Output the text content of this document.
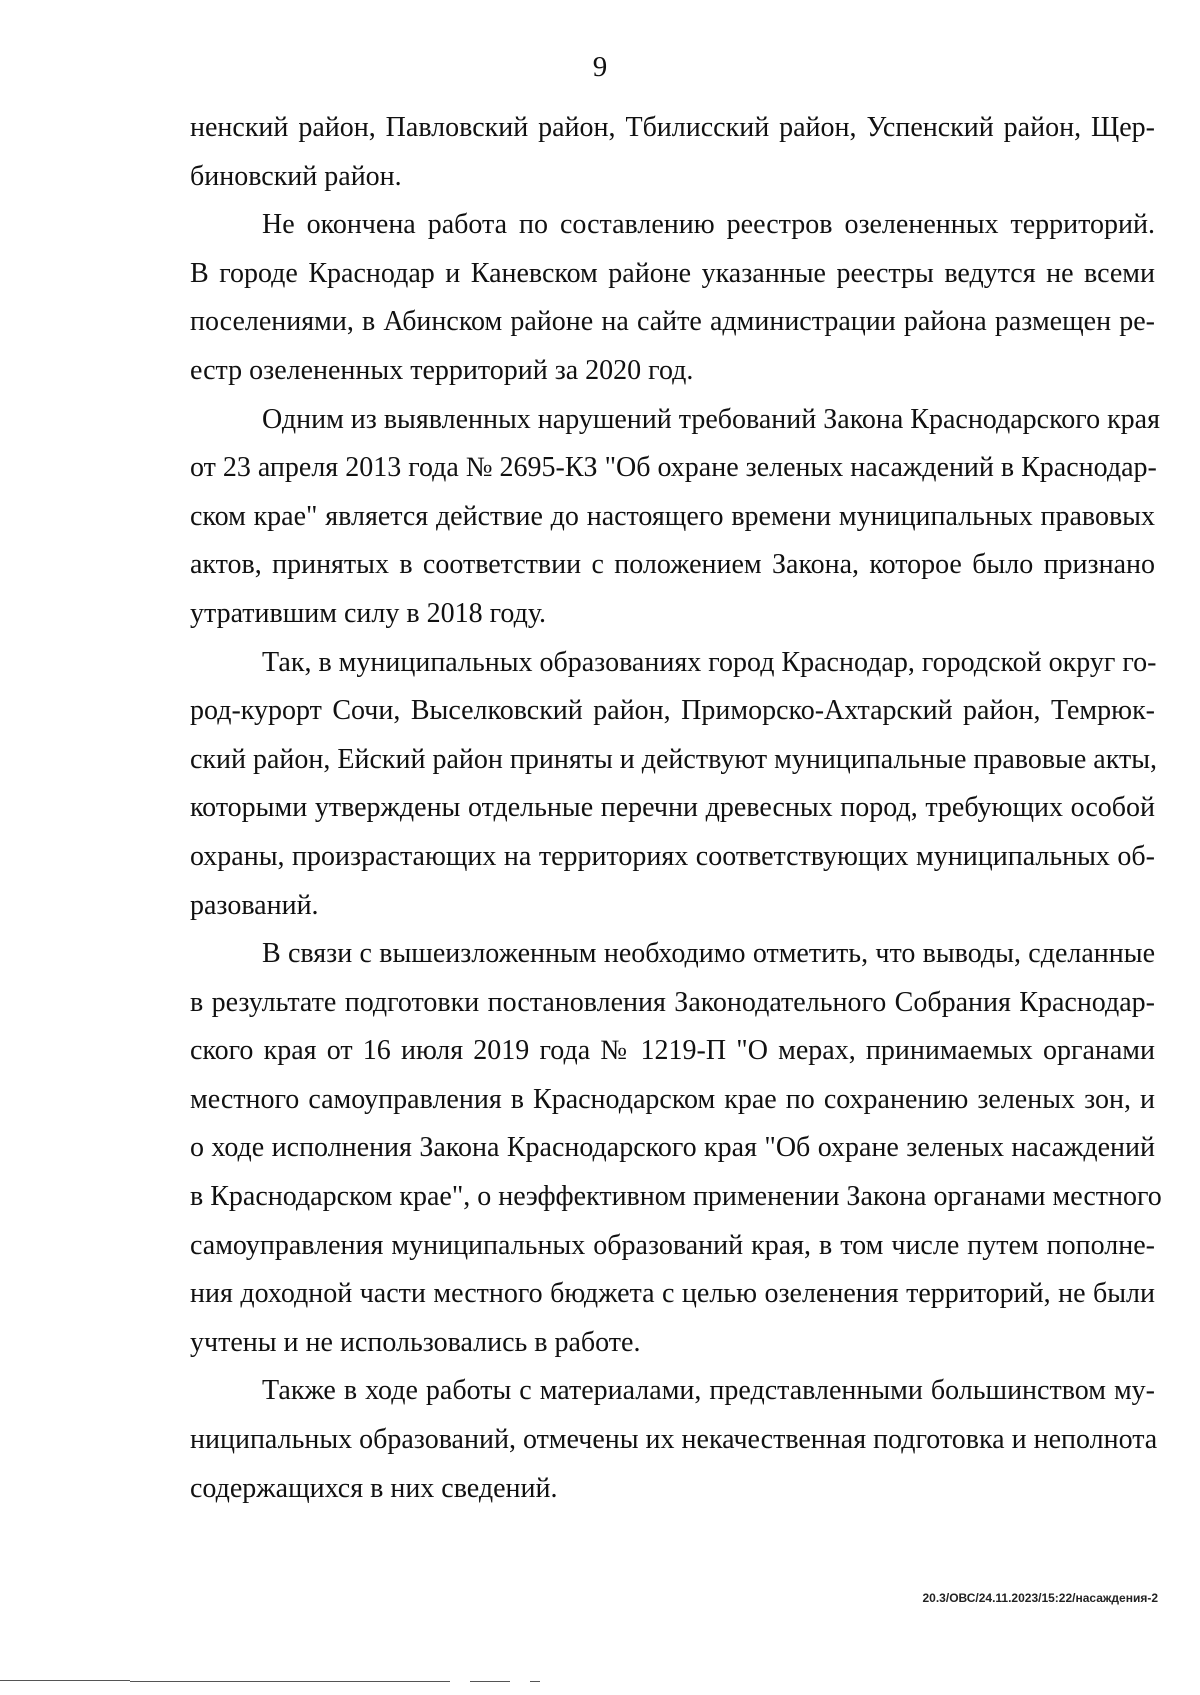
9
ненский район, Павловский район, Тбилисский район, Успенский район, Щер-
биновский район.
Не окончена работа по составлению реестров озелененных территорий.
В городе Краснодар и Каневском районе указанные реестры ведутся не всеми
поселениями, в Абинском районе на сайте администрации района размещен ре-
естр озелененных территорий за 2020 год.
Одним из выявленных нарушений требований Закона Краснодарского края
от 23 апреля 2013 года № 2695-КЗ "Об охране зеленых насаждений в Краснодар-
ском крае" является действие до настоящего времени муниципальных правовых
актов, принятых в соответствии с положением Закона, которое было признано
утратившим силу в 2018 году.
Так, в муниципальных образованиях город Краснодар, городской округ го-
род-курорт Сочи, Выселковский район, Приморско-Ахтарский район, Темрюк-
ский район, Ейский район приняты и действуют муниципальные правовые акты,
которыми утверждены отдельные перечни древесных пород, требующих особой
охраны, произрастающих на территориях соответствующих муниципальных об-
разований.
В связи с вышеизложенным необходимо отметить, что выводы, сделанные
в результате подготовки постановления Законодательного Собрания Краснодар-
ского края от 16 июля 2019 года № 1219-П "О мерах, принимаемых органами
местного самоуправления в Краснодарском крае по сохранению зеленых зон, и
о ходе исполнения Закона Краснодарского края "Об охране зеленых насаждений
в Краснодарском крае", о неэффективном применении Закона органами местного
самоуправления муниципальных образований края, в том числе путем пополне-
ния доходной части местного бюджета с целью озеленения территорий, не были
учтены и не использовались в работе.
Также в ходе работы с материалами, представленными большинством му-
ниципальных образований, отмечены их некачественная подготовка и неполнота
содержащихся в них сведений.
20.3/ОВС/24.11.2023/15:22/насаждения-2
